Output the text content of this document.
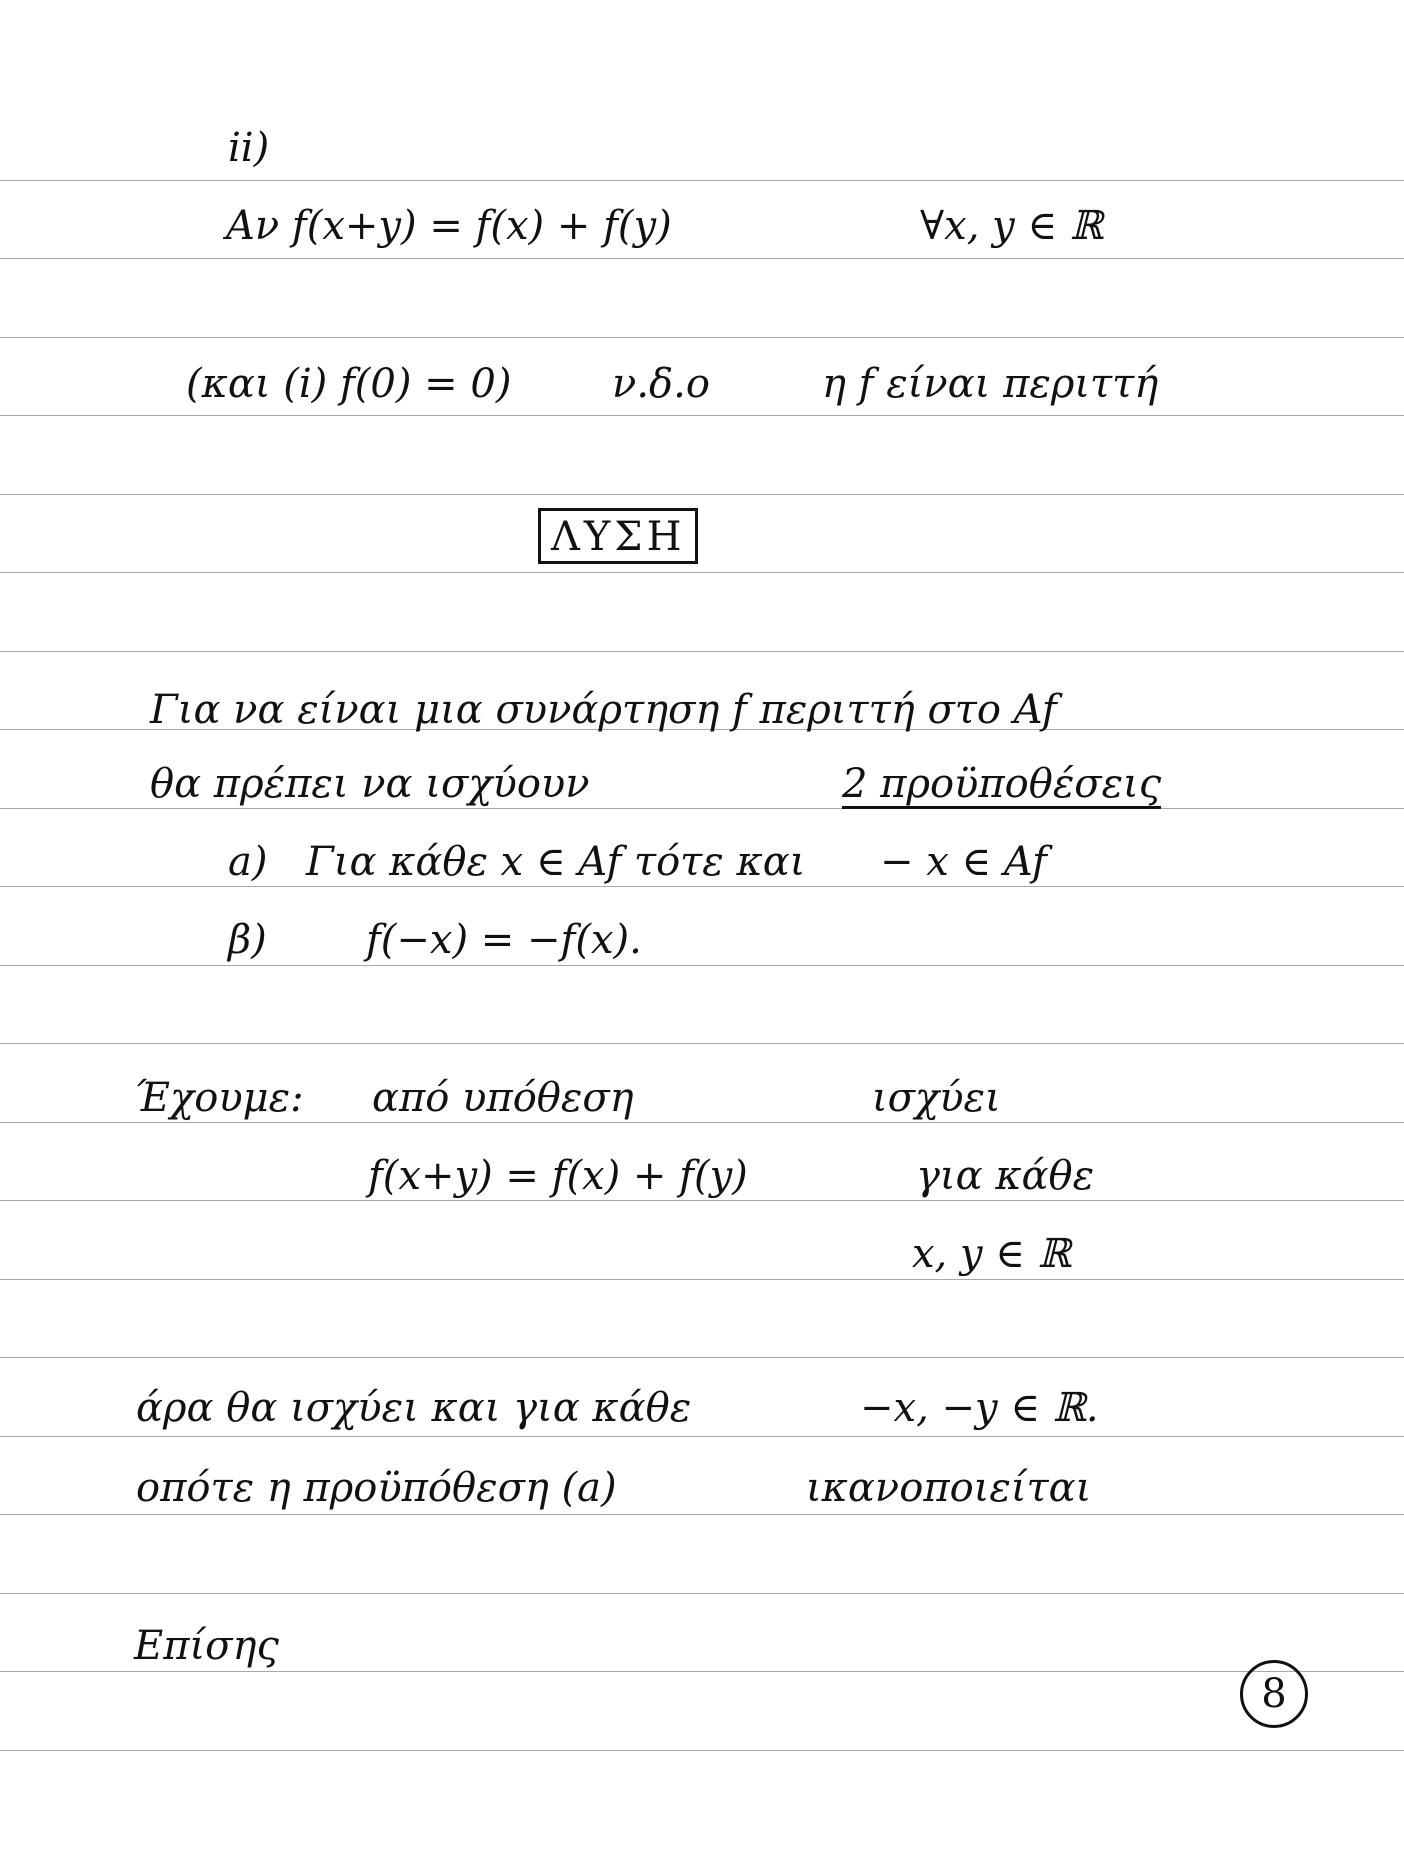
ii)
Αν f(x+y) = f(x) + f(y)	∀x, y ∈ ℝ
(και (i) f(0) = 0)	ν.δ.ο	η f είναι περιττή
ΛΥΣΗ
Για να είναι μια συνάρτηση f περιττή στο Af
θα πρέπει να ισχύουν	2 προϋποθέσεις
a) Για κάθε x ∈ Af τότε και − x ∈ Af
β) f(−x) = −f(x).
Έχουμε: από υπόθεση	ισχύει
f(x+y) = f(x) + f(y)	για κάθε
x, y ∈ ℝ
άρα θα ισχύει και για κάθε	−x, −y ∈ ℝ.
οπότε η προϋπόθεση (a)	ικανοποιείται
Επίσης
8
